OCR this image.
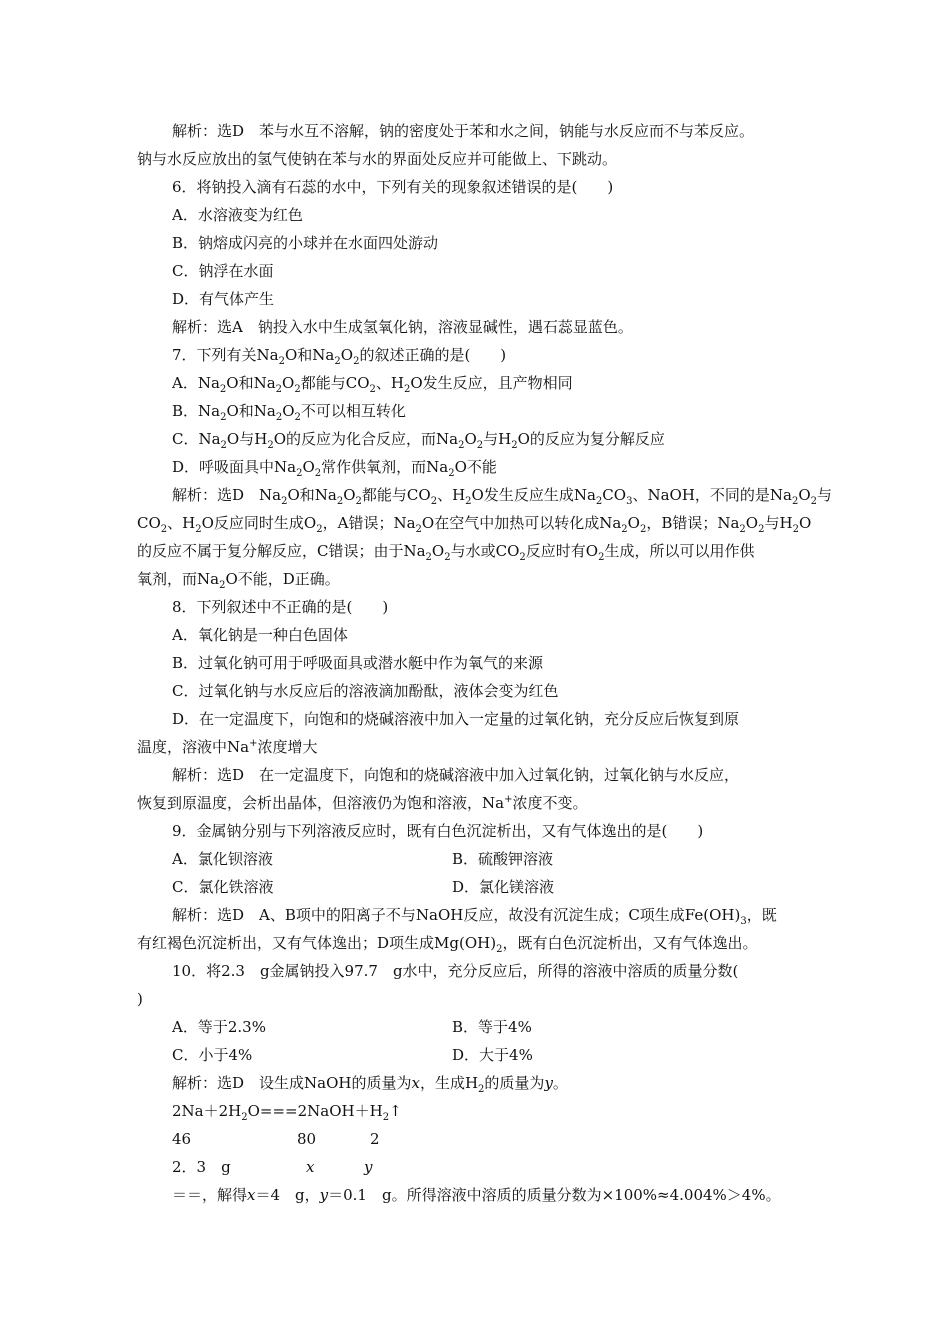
解析：选D　苯与水互不溶解，钠的密度处于苯和水之间，钠能与水反应而不与苯反应。
钠与水反应放出的氢气使钠在苯与水的界面处反应并可能做上、下跳动。
6．将钠投入滴有石蕊的水中，下列有关的现象叙述错误的是(　　)
A．水溶液变为红色
B．钠熔成闪亮的小球并在水面四处游动
C．钠浮在水面
D．有气体产生
解析：选A　钠投入水中生成氢氧化钠，溶液显碱性，遇石蕊显蓝色。
7．下列有关$Na_2O$和$Na_2O_2$的叙述正确的是(　　)
A．$Na_2O$和$Na_2O_2$都能与$CO_2$、$H_2O$发生反应，且产物相同
B．$Na_2O$和$Na_2O_2$不可以相互转化
C．$Na_2O$与$H_2O$的反应为化合反应，而$Na_2O_2$与$H_2O$的反应为复分解反应
D．呼吸面具中$Na_2O_2$常作供氧剂，而$Na_2O$不能
解析：选D　$Na_2O$和$Na_2O_2$都能与$CO_2$、$H_2O$发生反应生成$Na_2CO_3$、NaOH，不同的是$Na_2O_2$与
$CO_2$、$H_2O$反应同时生成$O_2$，A错误；$Na_2O$在空气中加热可以转化成$Na_2O_2$，B错误；$Na_2O_2$与$H_2O$
的反应不属于复分解反应，C错误；由于$Na_2O_2$与水或$CO_2$反应时有$O_2$生成，所以可以用作供
氧剂，而$Na_2O$不能，D正确。
8．下列叙述中不正确的是(　　)
A．氧化钠是一种白色固体
B．过氧化钠可用于呼吸面具或潜水艇中作为氧气的来源
C．过氧化钠与水反应后的溶液滴加酚酞，液体会变为红色
D．在一定温度下，向饱和的烧碱溶液中加入一定量的过氧化钠，充分反应后恢复到原
温度，溶液中Na+浓度增大
解析：选D　在一定温度下，向饱和的烧碱溶液中加入过氧化钠，过氧化钠与水反应，
恢复到原温度，会析出晶体，但溶液仍为饱和溶液，Na+浓度不变。
9．金属钠分别与下列溶液反应时，既有白色沉淀析出，又有气体逸出的是(　　)
A．氯化钡溶液	B．硫酸钾溶液
C．氯化铁溶液	D．氯化镁溶液
解析：选D　A、B项中的阳离子不与NaOH反应，故没有沉淀生成；C项生成$Fe(OH)_3$，既
有红褐色沉淀析出，又有气体逸出；D项生成$Mg(OH)_2$，既有白色沉淀析出，又有气体逸出。
10．将2.3　g金属钠投入97.7　g水中，充分反应后，所得的溶液中溶质的质量分数(
)
A．等于2.3%	B．等于4%
C．小于4%	D．大于4%
解析：选D　设生成NaOH的质量为x，生成$H_2$的质量为y。
$2Na+2H_2O===2NaOH+H_2↑$
46	80	2
2．3　g	x	y
＝＝，解得x＝4　g，y＝0.1　g。所得溶液中溶质的质量分数为×100%≈4.004%＞4%。
